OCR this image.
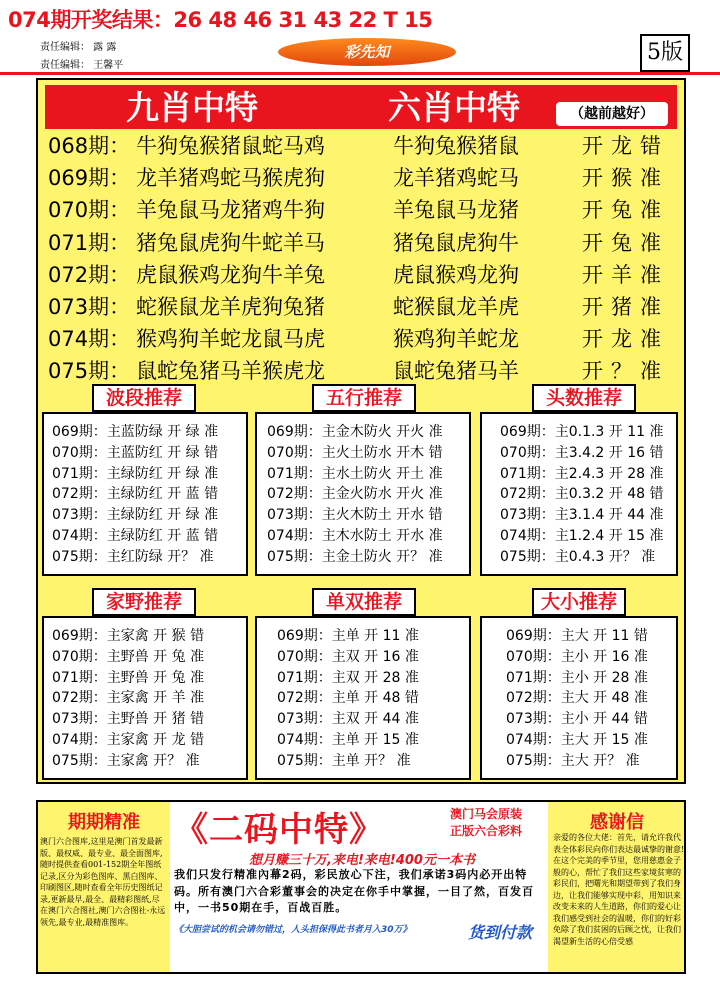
074期开奖结果：26 48 46 31 43 22 T 15
责任编辑： 露 露
责任编辑： 王馨平
彩先知	5版
九肖中特	六肖中特	（越前越好）
068期： 牛狗兔猴猪鼠蛇马鸡	牛狗兔猴猪鼠	开龙错
069期： 龙羊猪鸡蛇马猴虎狗	龙羊猪鸡蛇马	开猴准
070期： 羊兔鼠马龙猪鸡牛狗	羊兔鼠马龙猪	开兔准
071期： 猪兔鼠虎狗牛蛇羊马	猪兔鼠虎狗牛	开兔准
072期： 虎鼠猴鸡龙狗牛羊兔	虎鼠猴鸡龙狗	开羊准
073期： 蛇猴鼠龙羊虎狗兔猪	蛇猴鼠龙羊虎	开猪准
074期： 猴鸡狗羊蛇龙鼠马虎	猴鸡狗羊蛇龙	开龙准
075期： 鼠蛇兔猪马羊猴虎龙	鼠蛇兔猪马羊	开？准
波段推荐	五行推荐	头数推荐
家野推荐	单双推荐	大小推荐
069期：主蓝防绿 开 绿 准
070期：主蓝防红 开 绿 错
071期：主绿防红 开 绿 准
072期：主绿防红 开 蓝 错
073期：主绿防红 开 绿 准
074期：主绿防红 开 蓝 错
075期：主红防绿 开？ 准
069期：主金木防火 开火 准
070期：主火土防水 开木 错
071期：主水土防火 开土 准
072期：主金火防水 开火 准
073期：主火木防土 开水 错
074期：主木水防土 开水 准
075期：主金土防火 开？ 准
069期：主0.1.3 开 11 准
070期：主3.4.2 开 16 错
071期：主2.4.3 开 28 准
072期：主0.3.2 开 48 错
073期：主3.1.4 开 44 准
074期：主1.2.4 开 15 准
075期：主0.4.3 开？ 准
069期：主家禽 开 猴 错
070期：主野兽 开 兔 准
071期：主野兽 开 兔 准
072期：主家禽 开 羊 准
073期：主野兽 开 猪 错
074期：主家禽 开 龙 错
075期：主家禽 开？ 准
069期：主单 开 11 准
070期：主双 开 16 准
071期：主双 开 28 准
072期：主单 开 48 错
073期：主双 开 44 准
074期：主单 开 15 准
075期：主单 开？ 准
069期：主大 开 11 错
070期：主小 开 16 准
071期：主小 开 28 准
072期：主大 开 48 准
073期：主小 开 44 错
074期：主大 开 15 准
075期：主大 开？ 准
期期精准
澳门六合图库,这里是澳门首发最新版、最权威、最专业、最全面图库,随时提供查看001-152期全年图纸记录,区分为彩色图库、黑白图库、印刷图区,随时查看全年历史图纸记录,更新最早,最全、最精彩图纸,尽在澳门六合图社,澳门六合图社-永远领先,最专业,最精准图库。
《二码中特》	澳门马会原装
正版六合彩料
想月赚三十万,来电!来电!400元一本书
我们只发行精准內幕2码，彩民放心下注，我们承诺3码内必开出特码。所有澳门六合彩董事会的决定在你手中掌握，一目了然，百发百中，一书50期在手，百战百胜。
《大胆尝试的机会请勿错过，人头担保得此书者月入30万》	货到付款
感谢信
亲爱的各位大佬：首先，请允许我代表全体彩民向你们表达最诚挚的谢意!在这个完美的季节里，您用慈惠金子般的心，帮忙了我们这些家境贫寒的彩民们，把曙光和期望带到了我们身边，让我们能够实现中彩，用知识来改变未来的人生道路，你们的爱心让我们感受到社会的温暖，你们的好彩免除了我们贫困的后顾之忧，让我们渴望新生活的心倍受感
